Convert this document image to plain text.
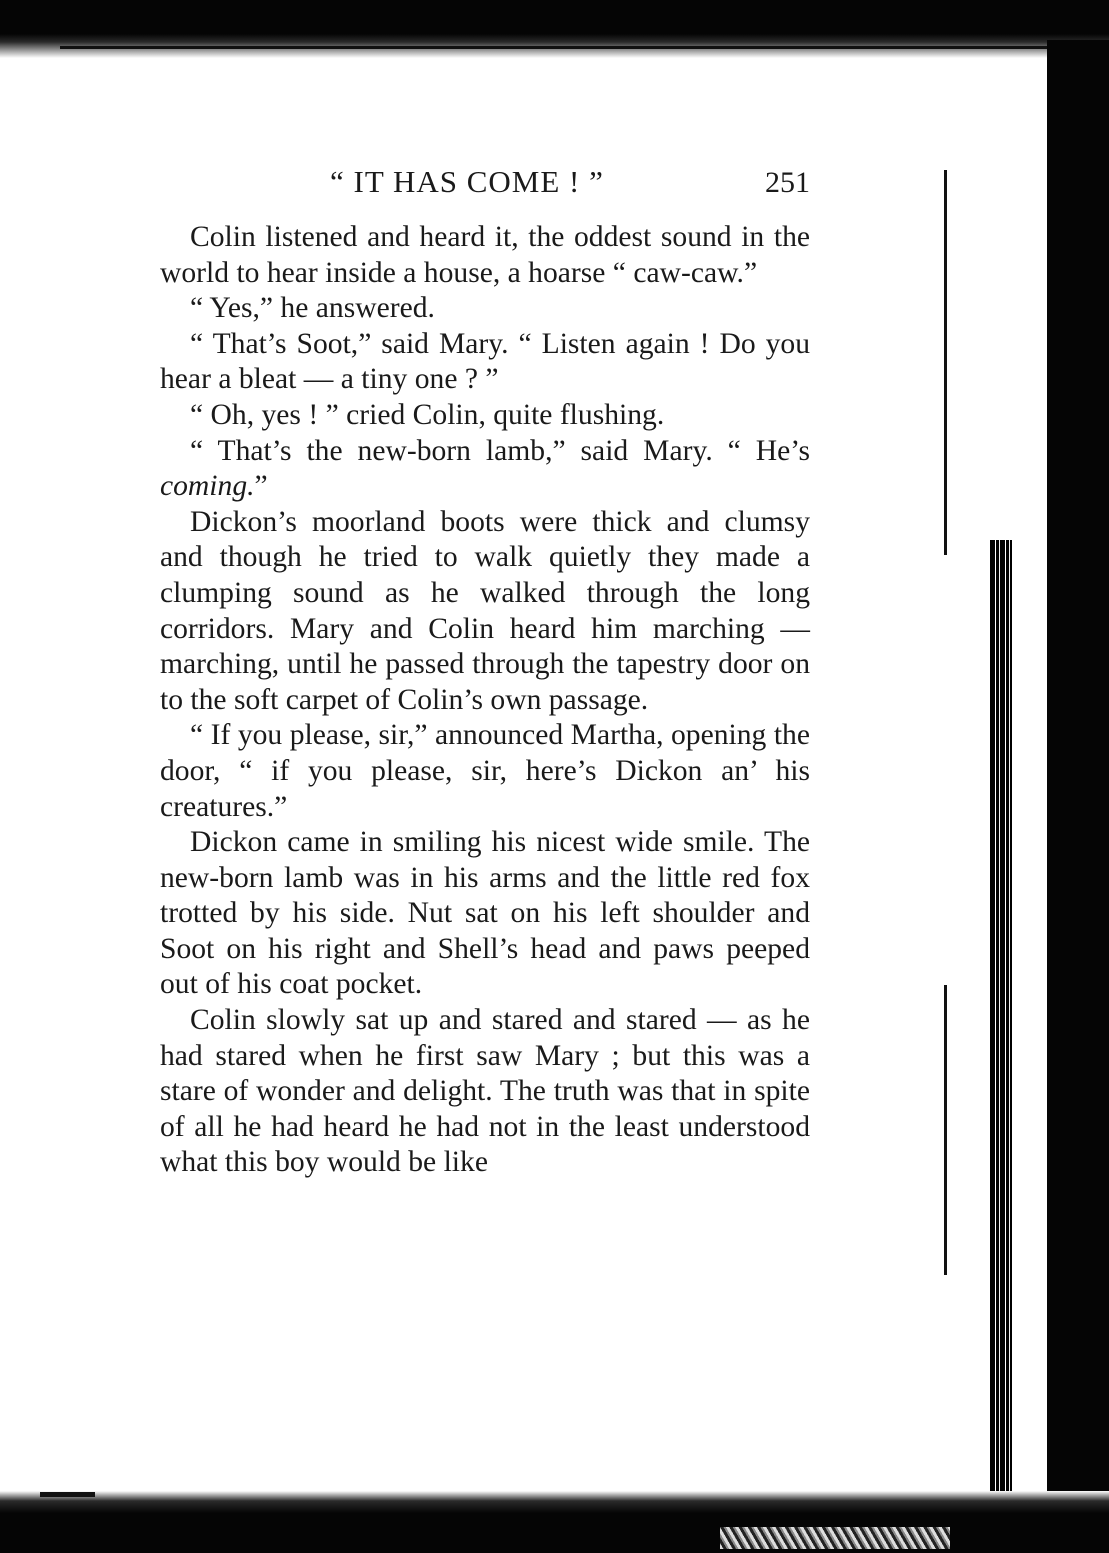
“ IT HAS COME ! ”	251

Colin listened and heard it, the oddest sound in the world to hear inside a house, a hoarse “ caw-caw.”

“ Yes,” he answered.

“ That’s Soot,” said Mary. “ Listen again ! Do you hear a bleat — a tiny one ? ”

“ Oh, yes ! ” cried Colin, quite flushing.

“ That’s the new-born lamb,” said Mary. “ He’s coming.”

Dickon’s moorland boots were thick and clumsy and though he tried to walk quietly they made a clumping sound as he walked through the long corridors. Mary and Colin heard him marching — marching, until he passed through the tapestry door on to the soft carpet of Colin’s own passage.

“ If you please, sir,” announced Martha, opening the door, “ if you please, sir, here’s Dickon an’ his creatures.”

Dickon came in smiling his nicest wide smile. The new-born lamb was in his arms and the little red fox trotted by his side. Nut sat on his left shoulder and Soot on his right and Shell’s head and paws peeped out of his coat pocket.

Colin slowly sat up and stared and stared — as he had stared when he first saw Mary ; but this was a stare of wonder and delight. The truth was that in spite of all he had heard he had not in the least understood what this boy would be like
